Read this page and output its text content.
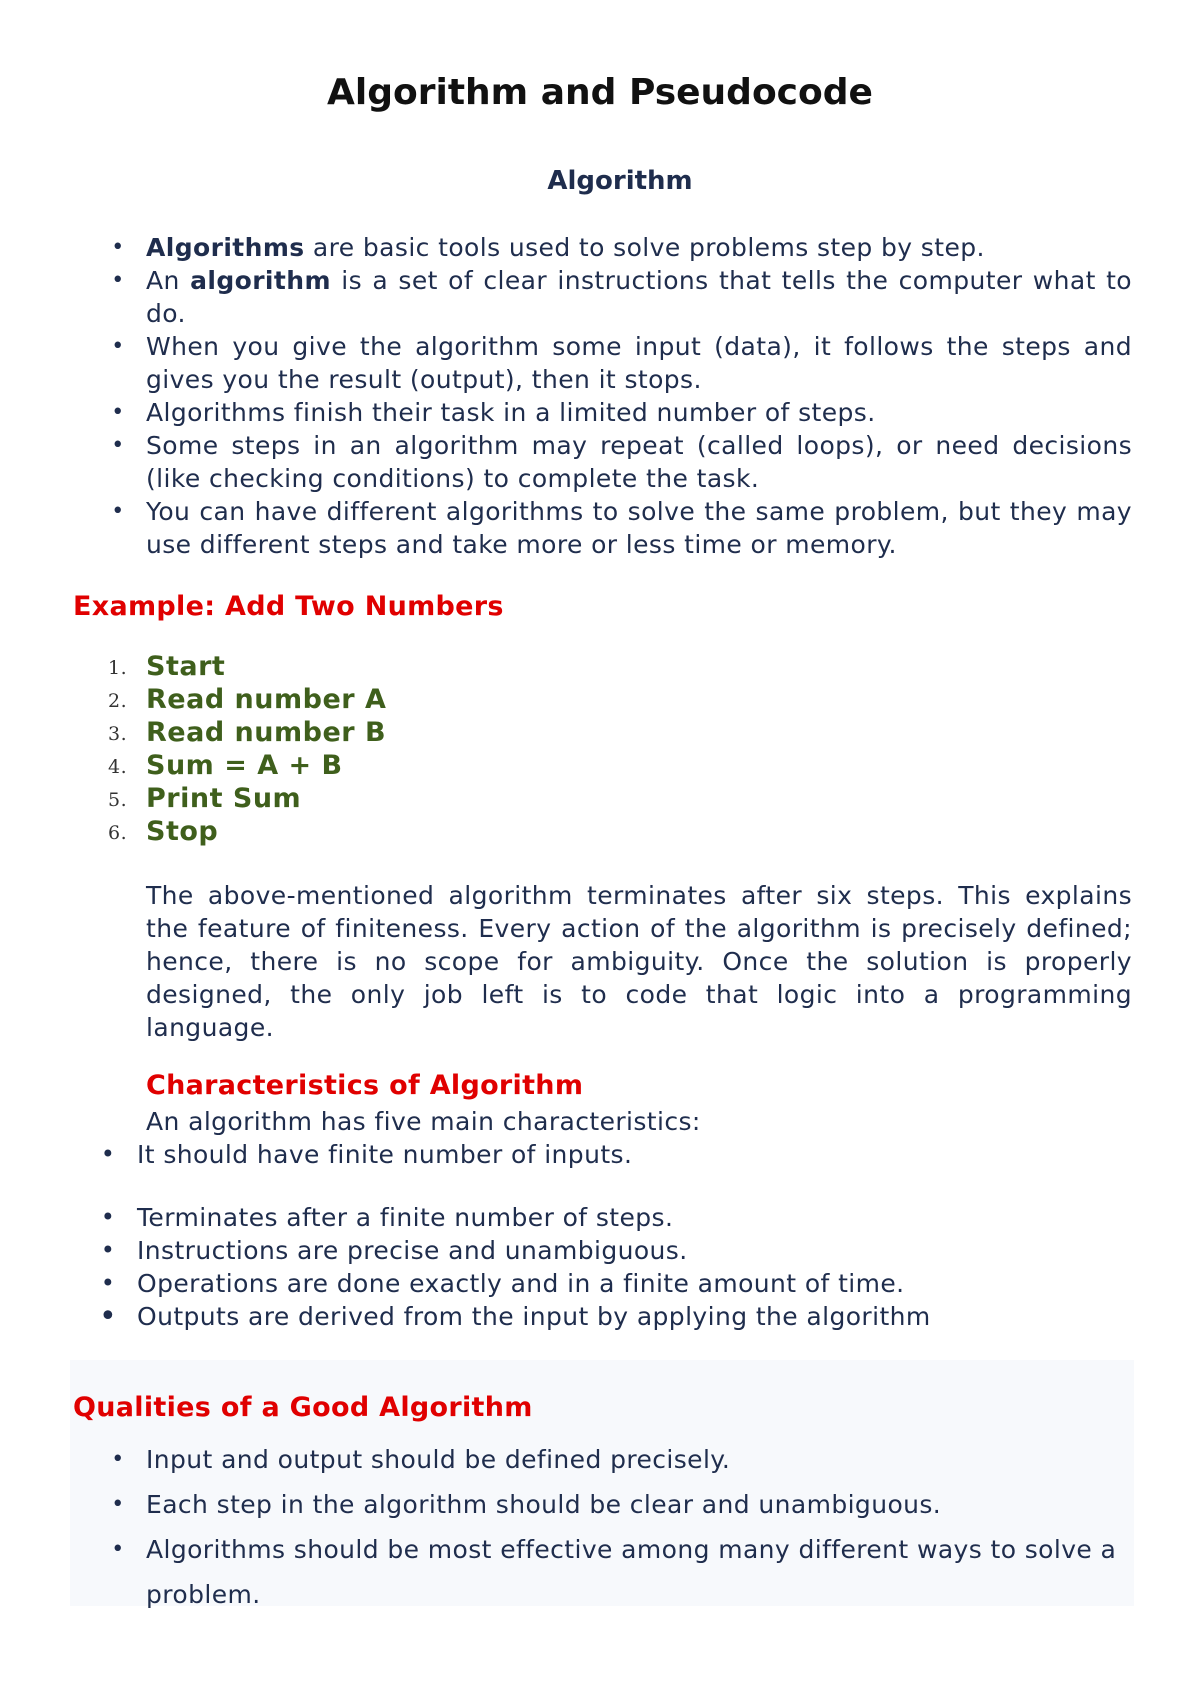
Algorithm and Pseudocode
Algorithm
• Algorithms are basic tools used to solve problems step by step.
• An algorithm is a set of clear instructions that tells the computer what to do.
• When you give the algorithm some input (data), it follows the steps and gives you the result (output), then it stops.
• Algorithms finish their task in a limited number of steps.
• Some steps in an algorithm may repeat (called loops), or need decisions (like checking conditions) to complete the task.
• You can have different algorithms to solve the same problem, but they may use different steps and take more or less time or memory.
Example: Add Two Numbers
1. Start
2. Read number A
3. Read number B
4. Sum = A + B
5. Print Sum
6. Stop

The above-mentioned algorithm terminates after six steps. This explains the feature of finiteness. Every action of the algorithm is precisely defined; hence, there is no scope for ambiguity. Once the solution is properly designed, the only job left is to code that logic into a programming language.

Characteristics of Algorithm

An algorithm has five main characteristics:

• It should have finite number of inputs.
• Terminates after a finite number of steps.
• Instructions are precise and unambiguous.
• Operations are done exactly and in a finite amount of time.
• Outputs are derived from the input by applying the algorithm
Qualities of a Good Algorithm
• Input and output should be defined precisely.
• Each step in the algorithm should be clear and unambiguous.
• Algorithms should be most effective among many different ways to solve a problem.
